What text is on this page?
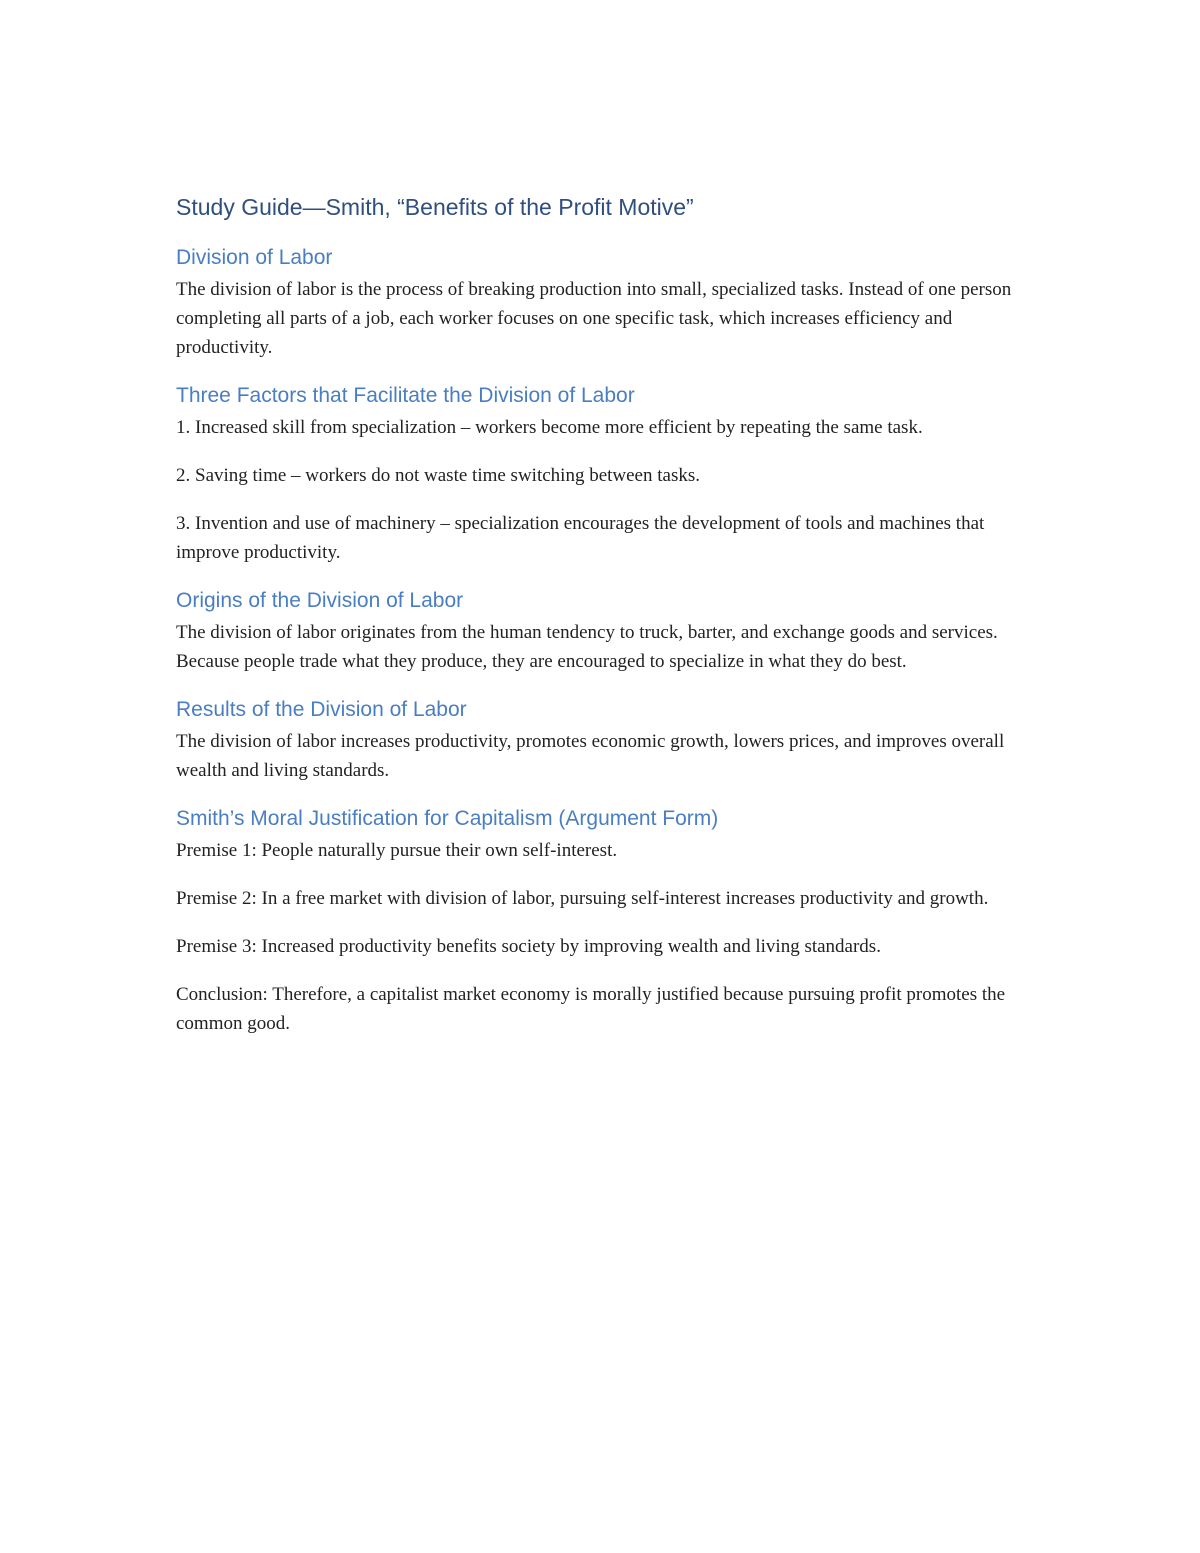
Study Guide—Smith, “Benefits of the Profit Motive”
Division of Labor

The division of labor is the process of breaking production into small, specialized tasks. Instead of one person completing all parts of a job, each worker focuses on one specific task, which increases efficiency and productivity.

Three Factors that Facilitate the Division of Labor

1. Increased skill from specialization – workers become more efficient by repeating the same task.

2. Saving time – workers do not waste time switching between tasks.

3. Invention and use of machinery – specialization encourages the development of tools and machines that improve productivity.

Origins of the Division of Labor

The division of labor originates from the human tendency to truck, barter, and exchange goods and services. Because people trade what they produce, they are encouraged to specialize in what they do best.

Results of the Division of Labor

The division of labor increases productivity, promotes economic growth, lowers prices, and improves overall wealth and living standards.

Smith’s Moral Justification for Capitalism (Argument Form)

Premise 1: People naturally pursue their own self-interest.

Premise 2: In a free market with division of labor, pursuing self-interest increases productivity and growth.

Premise 3: Increased productivity benefits society by improving wealth and living standards.

Conclusion: Therefore, a capitalist market economy is morally justified because pursuing profit promotes the common good.
